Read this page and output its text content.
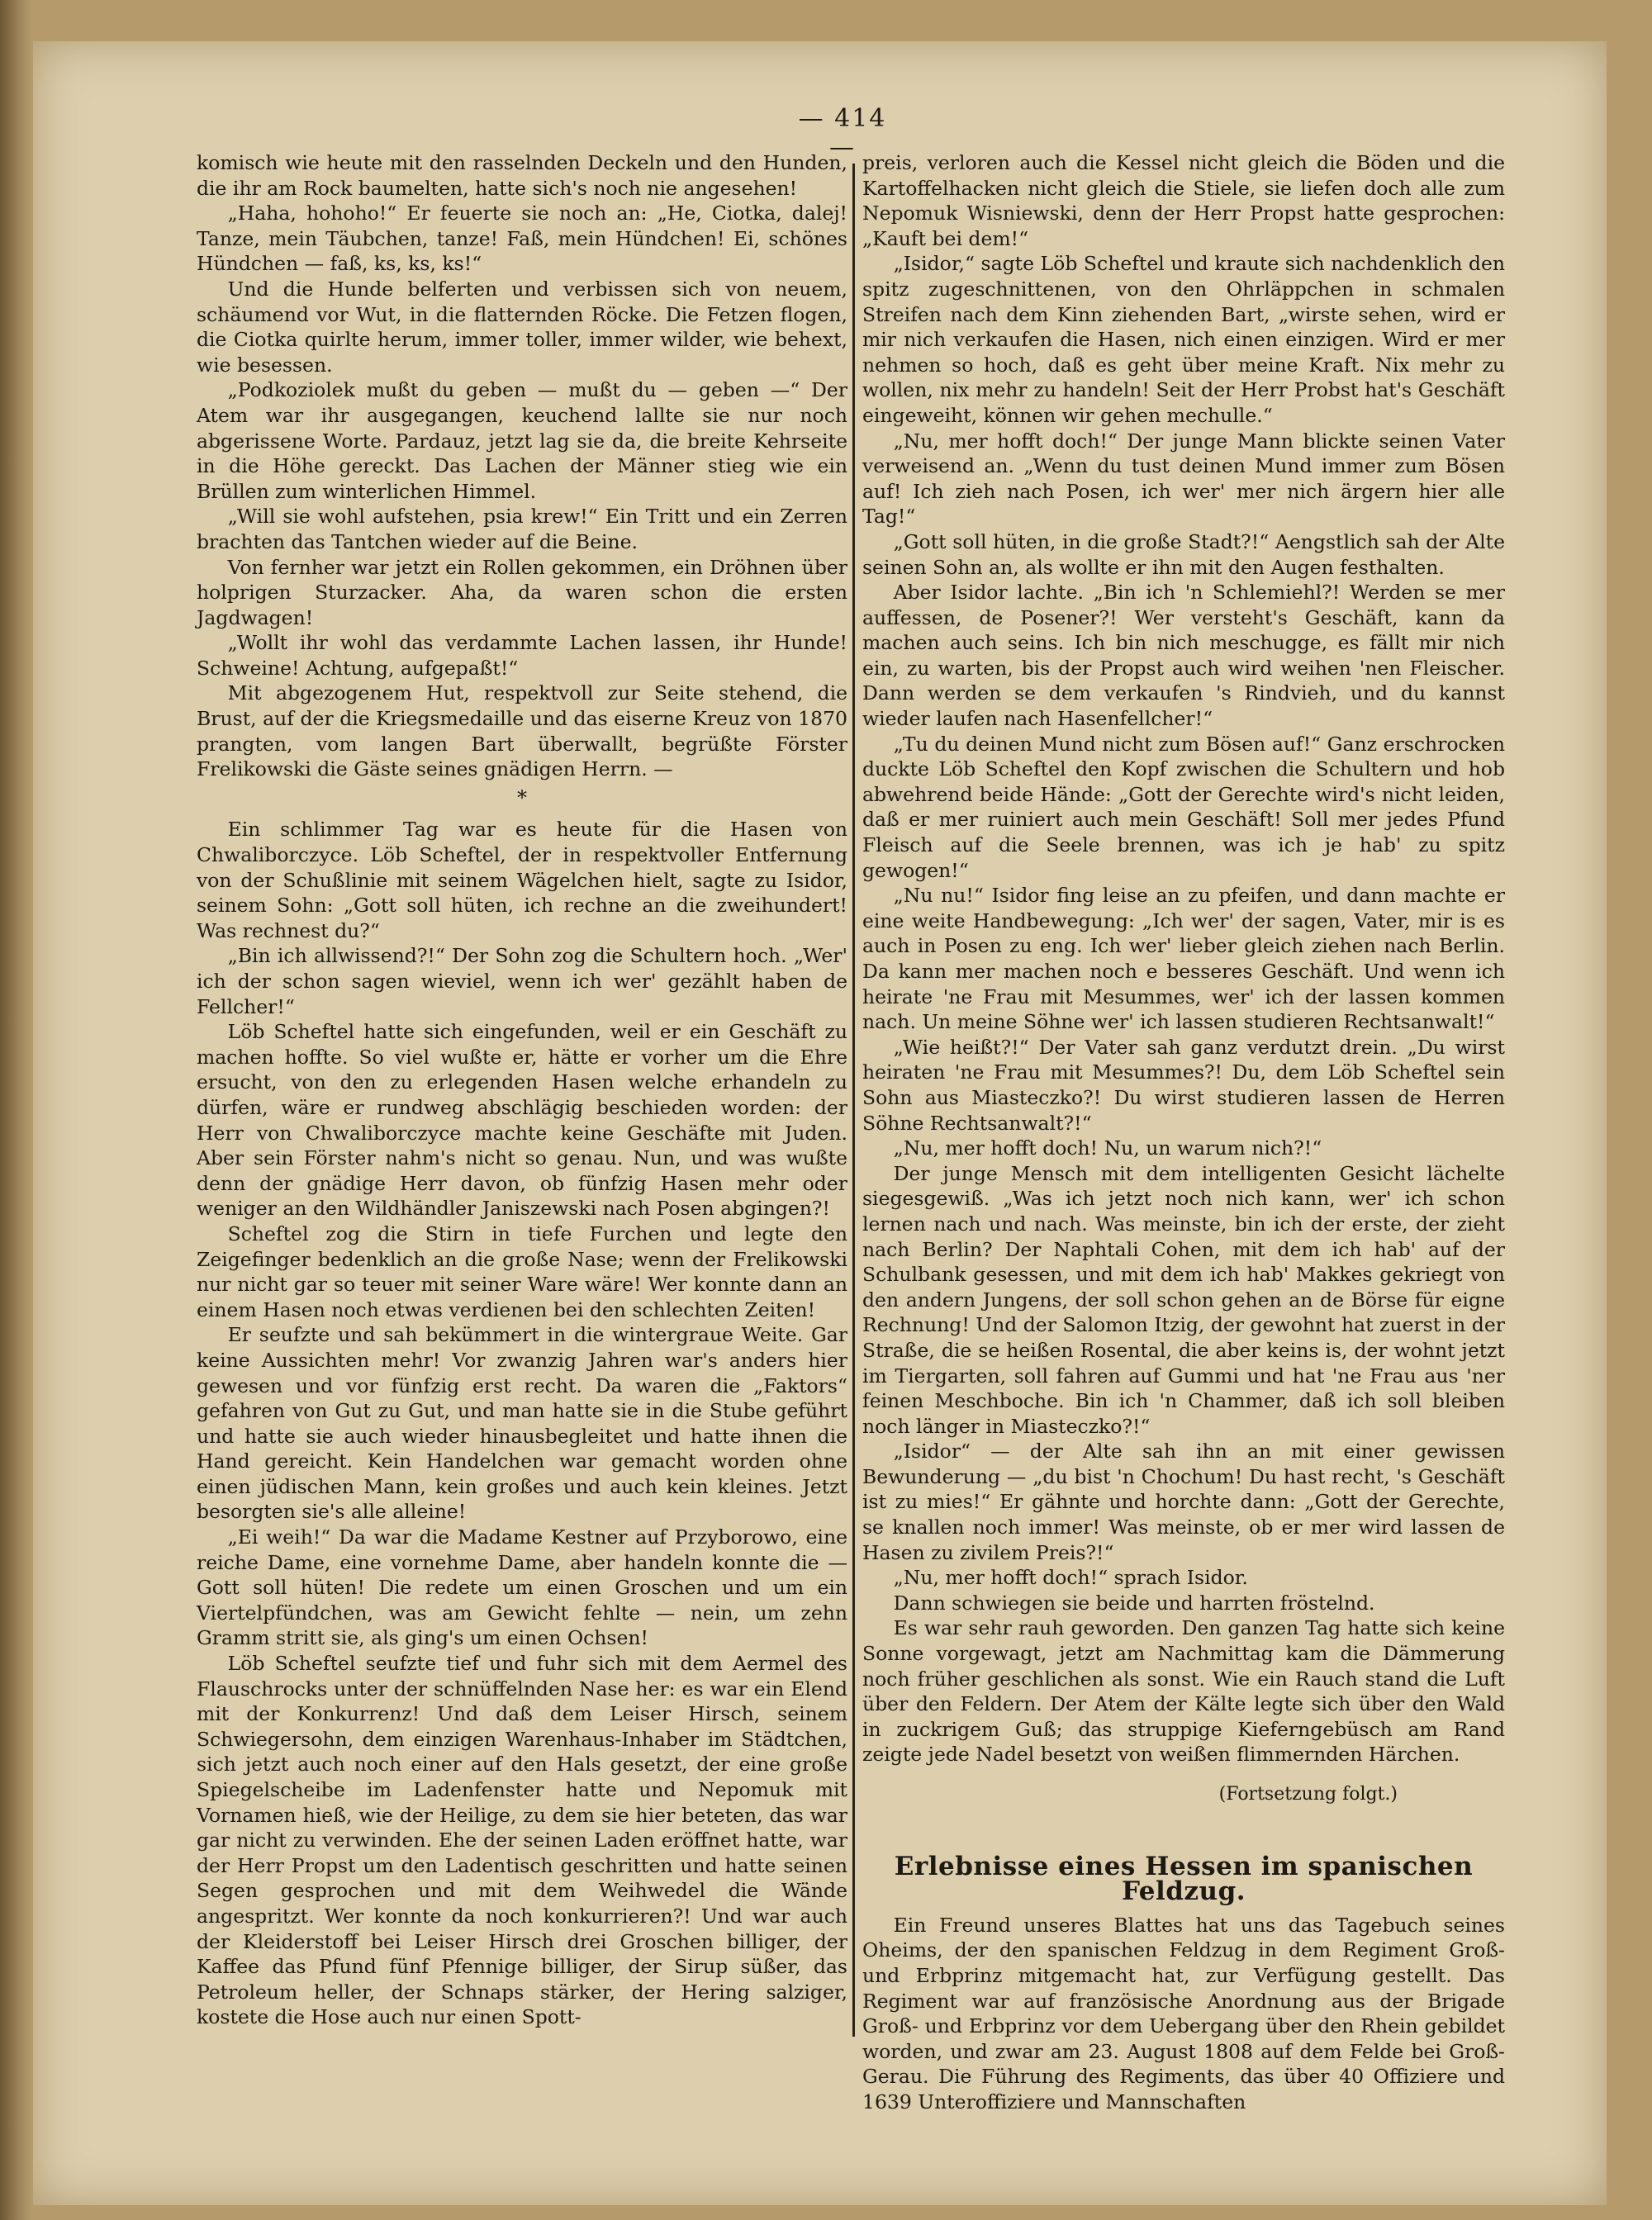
— 414 —

komisch wie heute mit den rasselnden Deckeln und den Hunden, die ihr am Rock baumelten, hatte sich's noch nie angesehen!

„Haha, hohoho!“ Er feuerte sie noch an: „He, Ciotka, dalej! Tanze, mein Täubchen, tanze! Faß, mein Hündchen! Ei, schönes Hündchen — faß, ks, ks, ks!“

Und die Hunde belferten und verbissen sich von neuem, schäumend vor Wut, in die flatternden Röcke. Die Fetzen flogen, die Ciotka quirlte herum, immer toller, immer wilder, wie behext, wie besessen.

„Podkoziolek mußt du geben — mußt du — geben —“ Der Atem war ihr ausgegangen, keuchend lallte sie nur noch abgerissene Worte. Pardauz, jetzt lag sie da, die breite Kehrseite in die Höhe gereckt. Das Lachen der Männer stieg wie ein Brüllen zum winterlichen Himmel.

„Will sie wohl aufstehen, psia krew!“ Ein Tritt und ein Zerren brachten das Tantchen wieder auf die Beine.

Von fernher war jetzt ein Rollen gekommen, ein Dröhnen über holprigen Sturzacker. Aha, da waren schon die ersten Jagdwagen!

„Wollt ihr wohl das verdammte Lachen lassen, ihr Hunde! Schweine! Achtung, aufgepaßt!“

Mit abgezogenem Hut, respektvoll zur Seite stehend, die Brust, auf der die Kriegsmedaille und das eiserne Kreuz von 1870 prangten, vom langen Bart überwallt, begrüßte Förster Frelikowski die Gäste seines gnädigen Herrn. —

*

Ein schlimmer Tag war es heute für die Hasen von Chwaliborczyce. Löb Scheftel, der in respektvoller Entfernung von der Schußlinie mit seinem Wägelchen hielt, sagte zu Isidor, seinem Sohn: „Gott soll hüten, ich rechne an die zweihundert! Was rechnest du?“

„Bin ich allwissend?!“ Der Sohn zog die Schultern hoch. „Wer' ich der schon sagen wieviel, wenn ich wer' gezählt haben de Fellcher!“

Löb Scheftel hatte sich eingefunden, weil er ein Geschäft zu machen hoffte. So viel wußte er, hätte er vorher um die Ehre ersucht, von den zu erlegenden Hasen welche erhandeln zu dürfen, wäre er rundweg abschlägig beschieden worden: der Herr von Chwaliborczyce machte keine Geschäfte mit Juden. Aber sein Förster nahm's nicht so genau. Nun, und was wußte denn der gnädige Herr davon, ob fünfzig Hasen mehr oder weniger an den Wildhändler Janiszewski nach Posen abgingen?!

Scheftel zog die Stirn in tiefe Furchen und legte den Zeigefinger bedenklich an die große Nase; wenn der Frelikowski nur nicht gar so teuer mit seiner Ware wäre! Wer konnte dann an einem Hasen noch etwas verdienen bei den schlechten Zeiten!

Er seufzte und sah bekümmert in die wintergraue Weite. Gar keine Aussichten mehr! Vor zwanzig Jahren war's anders hier gewesen und vor fünfzig erst recht. Da waren die „Faktors“ gefahren von Gut zu Gut, und man hatte sie in die Stube geführt und hatte sie auch wieder hinausbegleitet und hatte ihnen die Hand gereicht. Kein Handelchen war gemacht worden ohne einen jüdischen Mann, kein großes und auch kein kleines. Jetzt besorgten sie's alle alleine!

„Ei weih!“ Da war die Madame Kestner auf Przyborowo, eine reiche Dame, eine vornehme Dame, aber handeln konnte die — Gott soll hüten! Die redete um einen Groschen und um ein Viertelpfündchen, was am Gewicht fehlte — nein, um zehn Gramm stritt sie, als ging's um einen Ochsen!

Löb Scheftel seufzte tief und fuhr sich mit dem Aermel des Flauschrocks unter der schnüffelnden Nase her: es war ein Elend mit der Konkurrenz! Und daß dem Leiser Hirsch, seinem Schwiegersohn, dem einzigen Warenhaus-Inhaber im Städtchen, sich jetzt auch noch einer auf den Hals gesetzt, der eine große Spiegelscheibe im Ladenfenster hatte und Nepomuk mit Vornamen hieß, wie der Heilige, zu dem sie hier beteten, das war gar nicht zu verwinden. Ehe der seinen Laden eröffnet hatte, war der Herr Propst um den Ladentisch geschritten und hatte seinen Segen gesprochen und mit dem Weihwedel die Wände angespritzt. Wer konnte da noch konkurrieren?! Und war auch der Kleiderstoff bei Leiser Hirsch drei Groschen billiger, der Kaffee das Pfund fünf Pfennige billiger, der Sirup süßer, das Petroleum heller, der Schnaps stärker, der Hering salziger, kostete die Hose auch nur einen Spott-

preis, verloren auch die Kessel nicht gleich die Böden und die Kartoffelhacken nicht gleich die Stiele, sie liefen doch alle zum Nepomuk Wisniewski, denn der Herr Propst hatte gesprochen: „Kauft bei dem!“

„Isidor,“ sagte Löb Scheftel und kraute sich nachdenklich den spitz zugeschnittenen, von den Ohrläppchen in schmalen Streifen nach dem Kinn ziehenden Bart, „wirste sehen, wird er mir nich verkaufen die Hasen, nich einen einzigen. Wird er mer nehmen so hoch, daß es geht über meine Kraft. Nix mehr zu wollen, nix mehr zu handeln! Seit der Herr Probst hat's Geschäft eingeweiht, können wir gehen mechulle.“

„Nu, mer hofft doch!“ Der junge Mann blickte seinen Vater verweisend an. „Wenn du tust deinen Mund immer zum Bösen auf! Ich zieh nach Posen, ich wer' mer nich ärgern hier alle Tag!“

„Gott soll hüten, in die große Stadt?!“ Aengstlich sah der Alte seinen Sohn an, als wollte er ihn mit den Augen festhalten.

Aber Isidor lachte. „Bin ich 'n Schlemiehl?! Werden se mer auffessen, de Posener?! Wer versteht's Geschäft, kann da machen auch seins. Ich bin nich meschugge, es fällt mir nich ein, zu warten, bis der Propst auch wird weihen 'nen Fleischer. Dann werden se dem verkaufen 's Rindvieh, und du kannst wieder laufen nach Hasenfellcher!“

„Tu du deinen Mund nicht zum Bösen auf!“ Ganz erschrocken duckte Löb Scheftel den Kopf zwischen die Schultern und hob abwehrend beide Hände: „Gott der Gerechte wird's nicht leiden, daß er mer ruiniert auch mein Geschäft! Soll mer jedes Pfund Fleisch auf die Seele brennen, was ich je hab' zu spitz gewogen!“

„Nu nu!“ Isidor fing leise an zu pfeifen, und dann machte er eine weite Handbewegung: „Ich wer' der sagen, Vater, mir is es auch in Posen zu eng. Ich wer' lieber gleich ziehen nach Berlin. Da kann mer machen noch e besseres Geschäft. Und wenn ich heirate 'ne Frau mit Mesummes, wer' ich der lassen kommen nach. Un meine Söhne wer' ich lassen studieren Rechtsanwalt!“

„Wie heißt?!“ Der Vater sah ganz verdutzt drein. „Du wirst heiraten 'ne Frau mit Mesummes?! Du, dem Löb Scheftel sein Sohn aus Miasteczko?! Du wirst studieren lassen de Herren Söhne Rechtsanwalt?!“

„Nu, mer hofft doch! Nu, un warum nich?!“

Der junge Mensch mit dem intelligenten Gesicht lächelte siegesgewiß. „Was ich jetzt noch nich kann, wer' ich schon lernen nach und nach. Was meinste, bin ich der erste, der zieht nach Berlin? Der Naphtali Cohen, mit dem ich hab' auf der Schulbank gesessen, und mit dem ich hab' Makkes gekriegt von den andern Jungens, der soll schon gehen an de Börse für eigne Rechnung! Und der Salomon Itzig, der gewohnt hat zuerst in der Straße, die se heißen Rosental, die aber keins is, der wohnt jetzt im Tiergarten, soll fahren auf Gummi und hat 'ne Frau aus 'ner feinen Meschboche. Bin ich 'n Chammer, daß ich soll bleiben noch länger in Miasteczko?!“

„Isidor“ — der Alte sah ihn an mit einer gewissen Bewunderung — „du bist 'n Chochum! Du hast recht, 's Geschäft ist zu mies!“ Er gähnte und horchte dann: „Gott der Gerechte, se knallen noch immer! Was meinste, ob er mer wird lassen de Hasen zu zivilem Preis?!“

„Nu, mer hofft doch!“ sprach Isidor.

Dann schwiegen sie beide und harrten fröstelnd.

Es war sehr rauh geworden. Den ganzen Tag hatte sich keine Sonne vorgewagt, jetzt am Nachmittag kam die Dämmerung noch früher geschlichen als sonst. Wie ein Rauch stand die Luft über den Feldern. Der Atem der Kälte legte sich über den Wald in zuckrigem Guß; das struppige Kieferngebüsch am Rand zeigte jede Nadel besetzt von weißen flimmernden Härchen.

(Fortsetzung folgt.)
Erlebnisse eines Hessen im spanischen Feldzug.

Ein Freund unseres Blattes hat uns das Tagebuch seines Oheims, der den spanischen Feldzug in dem Regiment Groß- und Erbprinz mitgemacht hat, zur Verfügung gestellt. Das Regiment war auf französische Anordnung aus der Brigade Groß- und Erbprinz vor dem Uebergang über den Rhein gebildet worden, und zwar am 23. August 1808 auf dem Felde bei Groß-Gerau. Die Führung des Regiments, das über 40 Offiziere und 1639 Unteroffiziere und Mannschaften
